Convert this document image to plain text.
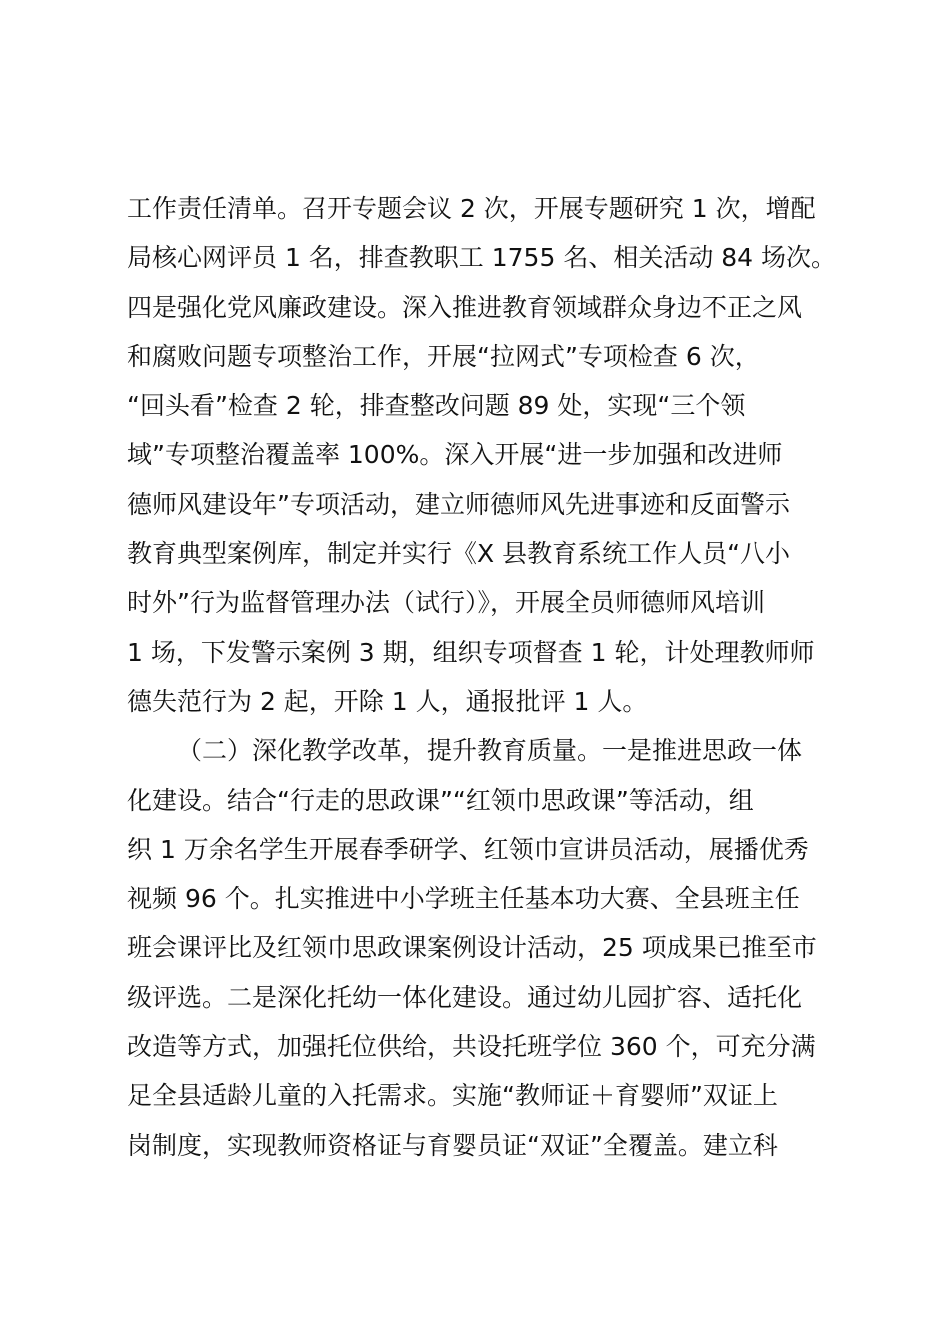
工作责任清单。召开专题会议 2 次，开展专题研究 1 次，增配
局核心网评员 1 名，排查教职工 1755 名、相关活动 84 场次。
四是强化党风廉政建设。深入推进教育领域群众身边不正之风
和腐败问题专项整治工作，开展“拉网式”专项检查 6 次，
“回头看”检查 2 轮，排查整改问题 89 处，实现“三个领
域”专项整治覆盖率 100%。深入开展“进一步加强和改进师
德师风建设年”专项活动，建立师德师风先进事迹和反面警示
教育典型案例库，制定并实行《X 县教育系统工作人员“八小
时外”行为监督管理办法（试行）》，开展全员师德师风培训
1 场，下发警示案例 3 期，组织专项督查 1 轮，计处理教师师
德失范行为 2 起，开除 1 人，通报批评 1 人。
（二）深化教学改革，提升教育质量。一是推进思政一体
化建设。结合“行走的思政课”“红领巾思政课”等活动，组
织 1 万余名学生开展春季研学、红领巾宣讲员活动，展播优秀
视频 96 个。扎实推进中小学班主任基本功大赛、全县班主任
班会课评比及红领巾思政课案例设计活动，25 项成果已推至市
级评选。二是深化托幼一体化建设。通过幼儿园扩容、适托化
改造等方式，加强托位供给，共设托班学位 360 个，可充分满
足全县适龄儿童的入托需求。实施“教师证＋育婴师”双证上
岗制度，实现教师资格证与育婴员证“双证”全覆盖。建立科
